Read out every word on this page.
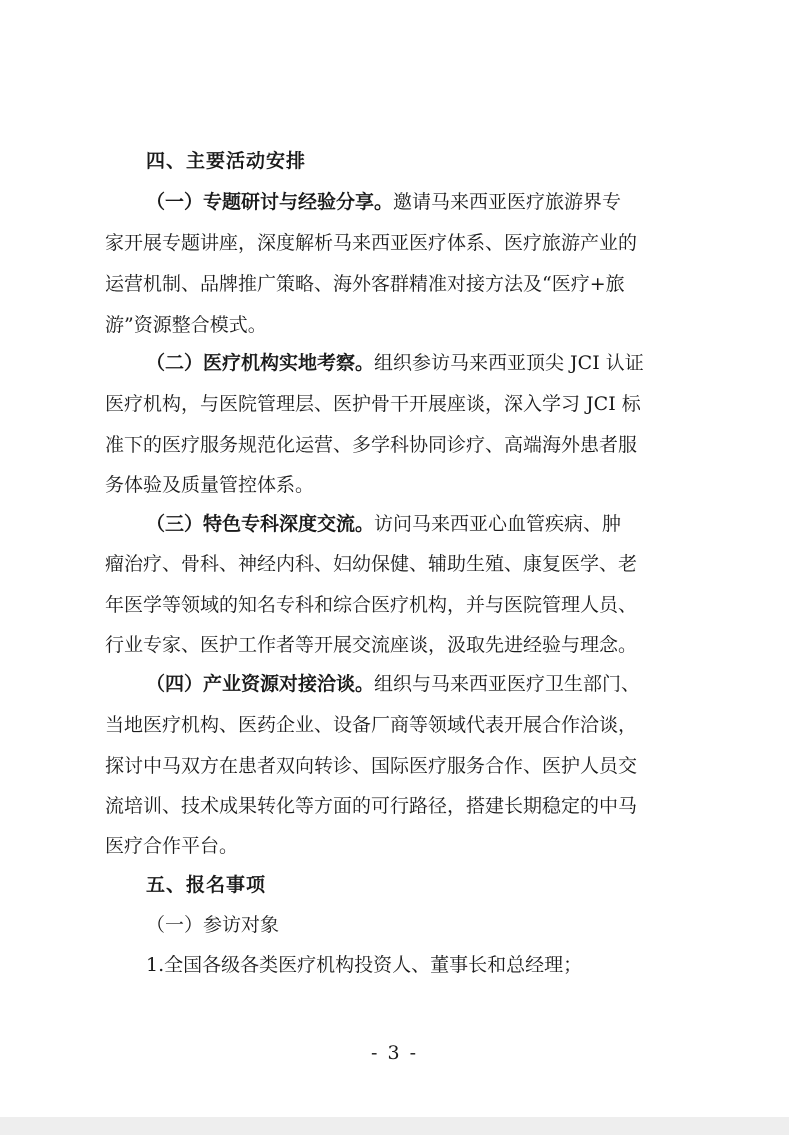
四、主要活动安排
（一）专题研讨与经验分享。邀请马来西亚医疗旅游界专
家开展专题讲座，深度解析马来西亚医疗体系、医疗旅游产业的
运营机制、品牌推广策略、海外客群精准对接方法及“医疗+旅
游”资源整合模式。
（二）医疗机构实地考察。组织参访马来西亚顶尖 JCI 认证
医疗机构，与医院管理层、医护骨干开展座谈，深入学习 JCI 标
准下的医疗服务规范化运营、多学科协同诊疗、高端海外患者服
务体验及质量管控体系。
（三）特色专科深度交流。访问马来西亚心血管疾病、肿
瘤治疗、骨科、神经内科、妇幼保健、辅助生殖、康复医学、老
年医学等领域的知名专科和综合医疗机构，并与医院管理人员、
行业专家、医护工作者等开展交流座谈，汲取先进经验与理念。
（四）产业资源对接洽谈。组织与马来西亚医疗卫生部门、
当地医疗机构、医药企业、设备厂商等领域代表开展合作洽谈，
探讨中马双方在患者双向转诊、国际医疗服务合作、医护人员交
流培训、技术成果转化等方面的可行路径，搭建长期稳定的中马
医疗合作平台。
五、报名事项
（一）参访对象
1.全国各级各类医疗机构投资人、董事长和总经理；
- 3 -
